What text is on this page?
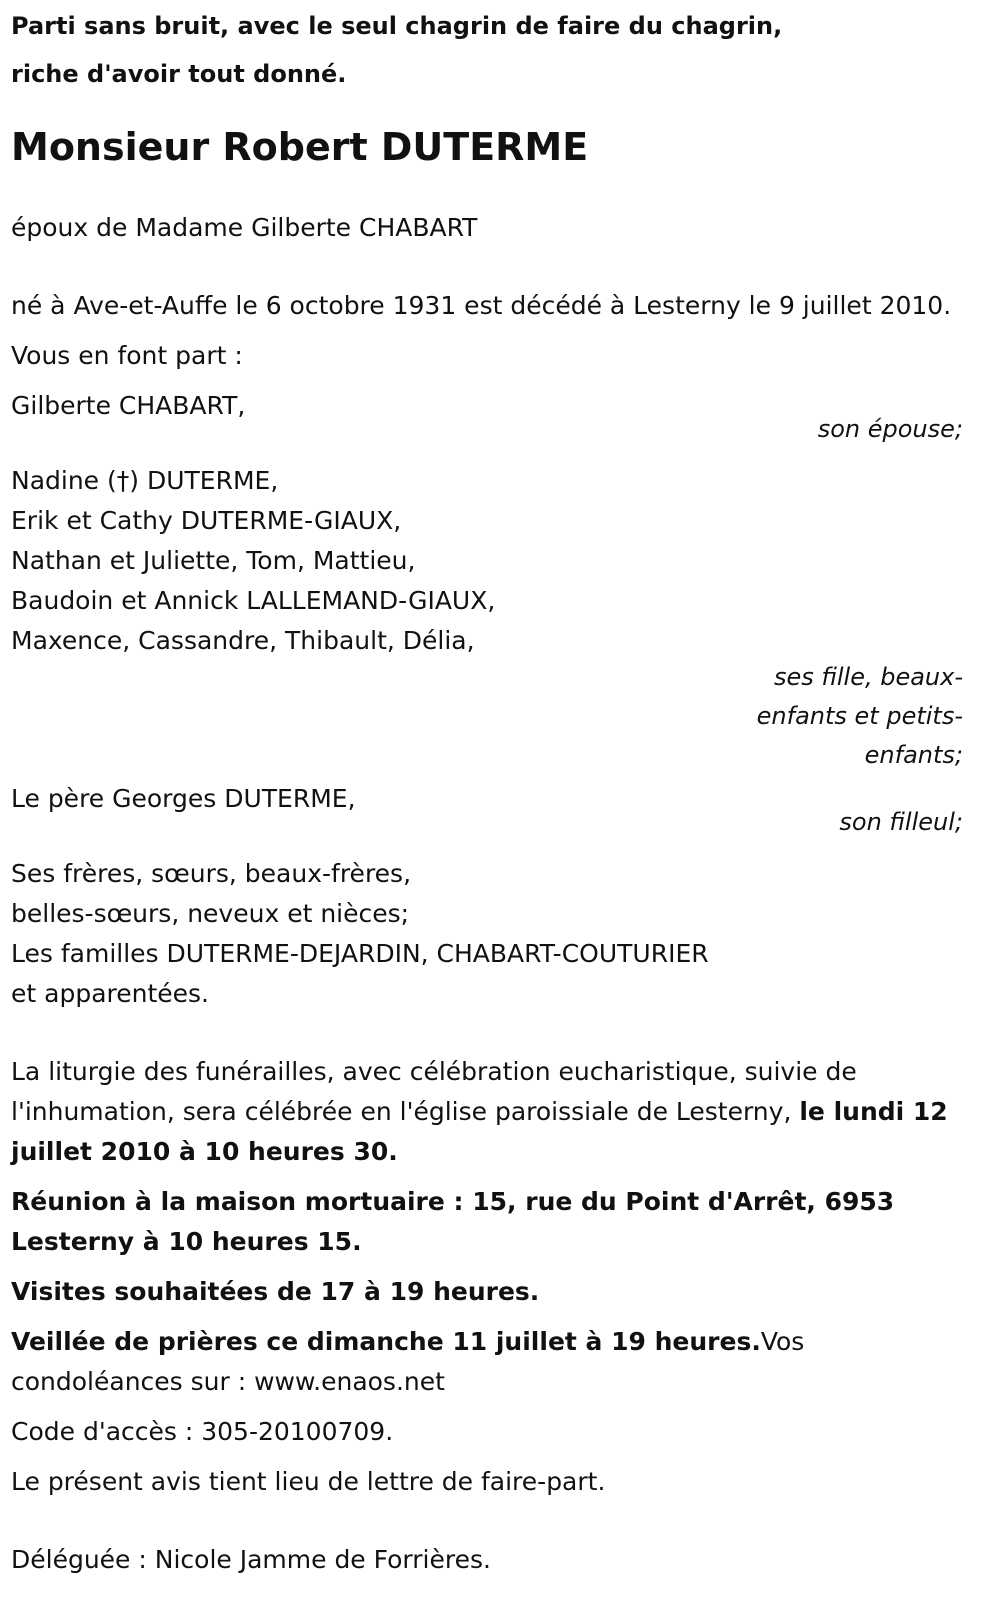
Parti sans bruit, avec le seul chagrin de faire du chagrin,
riche d'avoir tout donné.
Monsieur Robert DUTERME

époux de Madame Gilberte CHABART

né à Ave-et-Auffe le 6 octobre 1931 est décédé à Lesterny le 9 juillet 2010.

Vous en font part :

Gilberte CHABART,

son épouse;

Nadine (†) DUTERME,

Erik et Cathy DUTERME-GIAUX,

Nathan et Juliette, Tom, Mattieu,

Baudoin et Annick LALLEMAND-GIAUX,

Maxence, Cassandre, Thibault, Délia,

ses fille, beaux-
enfants et petits-
enfants;

Le père Georges DUTERME,

son filleul;

Ses frères, sœurs, beaux-frères,

belles-sœurs, neveux et nièces;

Les familles DUTERME-DEJARDIN, CHABART-COUTURIER

et apparentées.

La liturgie des funérailles, avec célébration eucharistique, suivie de l'inhumation, sera célébrée en l'église paroissiale de Lesterny, le lundi 12 juillet 2010 à 10 heures 30.

Réunion à la maison mortuaire : 15, rue du Point d'Arrêt, 6953 Lesterny à 10 heures 15.

Visites souhaitées de 17 à 19 heures.

Veillée de prières ce dimanche 11 juillet à 19 heures.Vos condoléances sur : www.enaos.net

Code d'accès : 305-20100709.

Le présent avis tient lieu de lettre de faire-part.

Déléguée : Nicole Jamme de Forrières.
